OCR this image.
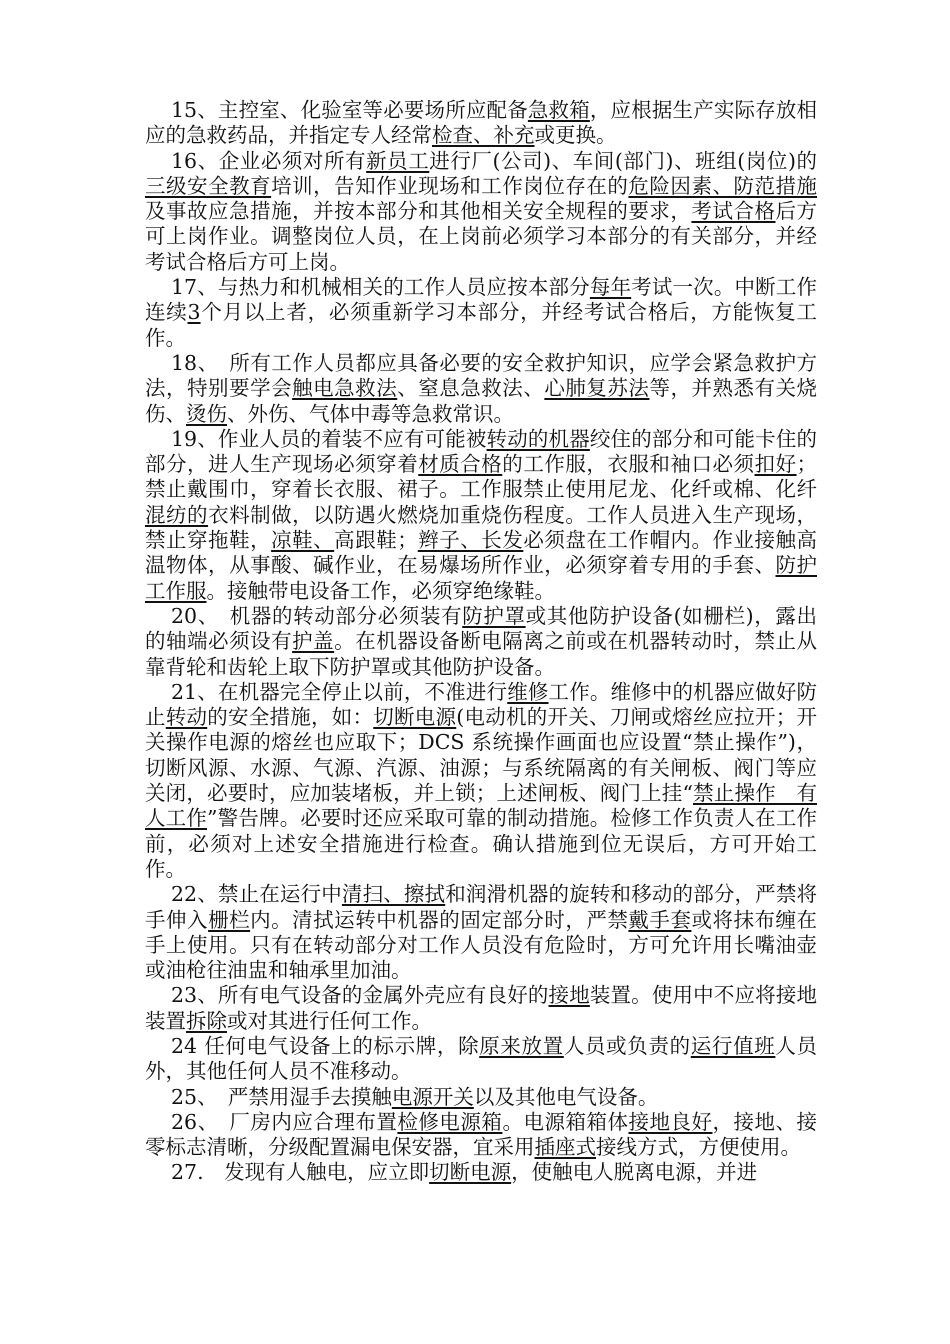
15、主控室、化验室等必要场所应配备急救箱，应根据生产实际存放相应的急救药品，并指定专人经常检查、补充或更换。

16、企业必须对所有新员工进行厂(公司)、车间(部门)、班组(岗位)的三级安全教育培训，告知作业现场和工作岗位存在的危险因素、防范措施及事故应急措施，并按本部分和其他相关安全规程的要求，考试合格后方可上岗作业。调整岗位人员，在上岗前必须学习本部分的有关部分，并经考试合格后方可上岗。

17、与热力和机械相关的工作人员应按本部分每年考试一次。中断工作连续3个月以上者，必须重新学习本部分，并经考试合格后，方能恢复工作。

18、　所有工作人员都应具备必要的安全救护知识，应学会紧急救护方法，特别要学会触电急救法、窒息急救法、心肺复苏法等，并熟悉有关烧伤、烫伤、外伤、气体中毒等急救常识。

19、作业人员的着装不应有可能被转动的机器绞住的部分和可能卡住的部分，进人生产现场必须穿着材质合格的工作服，衣服和袖口必须扣好；禁止戴围巾，穿着长衣服、裙子。工作服禁止使用尼龙、化纤或棉、化纤混纺的衣料制做，以防遇火燃烧加重烧伤程度。工作人员进入生产现场，禁止穿拖鞋，凉鞋、高跟鞋；辫子、长发必须盘在工作帽内。作业接触高温物体，从事酸、碱作业，在易爆场所作业，必须穿着专用的手套、防护工作服。接触带电设备工作，必须穿绝缘鞋。

20、　机器的转动部分必须装有防护罩或其他防护设备(如栅栏)，露出的轴端必须设有护盖。在机器设备断电隔离之前或在机器转动时，禁止从靠背轮和齿轮上取下防护罩或其他防护设备。

21、在机器完全停止以前，不准进行维修工作。维修中的机器应做好防止转动的安全措施，如：切断电源(电动机的开关、刀闸或熔丝应拉开；开关操作电源的熔丝也应取下；DCS 系统操作画面也应设置“禁止操作”)，切断风源、水源、气源、汽源、油源；与系统隔离的有关闸板、阀门等应关闭，必要时，应加装堵板，并上锁；上述闸板、阀门上挂“禁止操作　有人工作”警告牌。必要时还应采取可靠的制动措施。检修工作负责人在工作前，必须对上述安全措施进行检查。确认措施到位无误后，方可开始工作。

22、禁止在运行中清扫、擦拭和润滑机器的旋转和移动的部分，严禁将手伸入栅栏内。清拭运转中机器的固定部分时，严禁戴手套或将抹布缠在手上使用。只有在转动部分对工作人员没有危险时，方可允许用长嘴油壶或油枪往油盅和轴承里加油。

23、所有电气设备的金属外壳应有良好的接地装置。使用中不应将接地装置拆除或对其进行任何工作。

24 任何电气设备上的标示牌，除原来放置人员或负责的运行值班人员外，其他任何人员不准移动。

25、　严禁用湿手去摸触电源开关以及其他电气设备。

26、　厂房内应合理布置检修电源箱。电源箱箱体接地良好，接地、接零标志清晰，分级配置漏电保安器，宜采用插座式接线方式，方便使用。

27.　发现有人触电，应立即切断电源，使触电人脱离电源，并进
